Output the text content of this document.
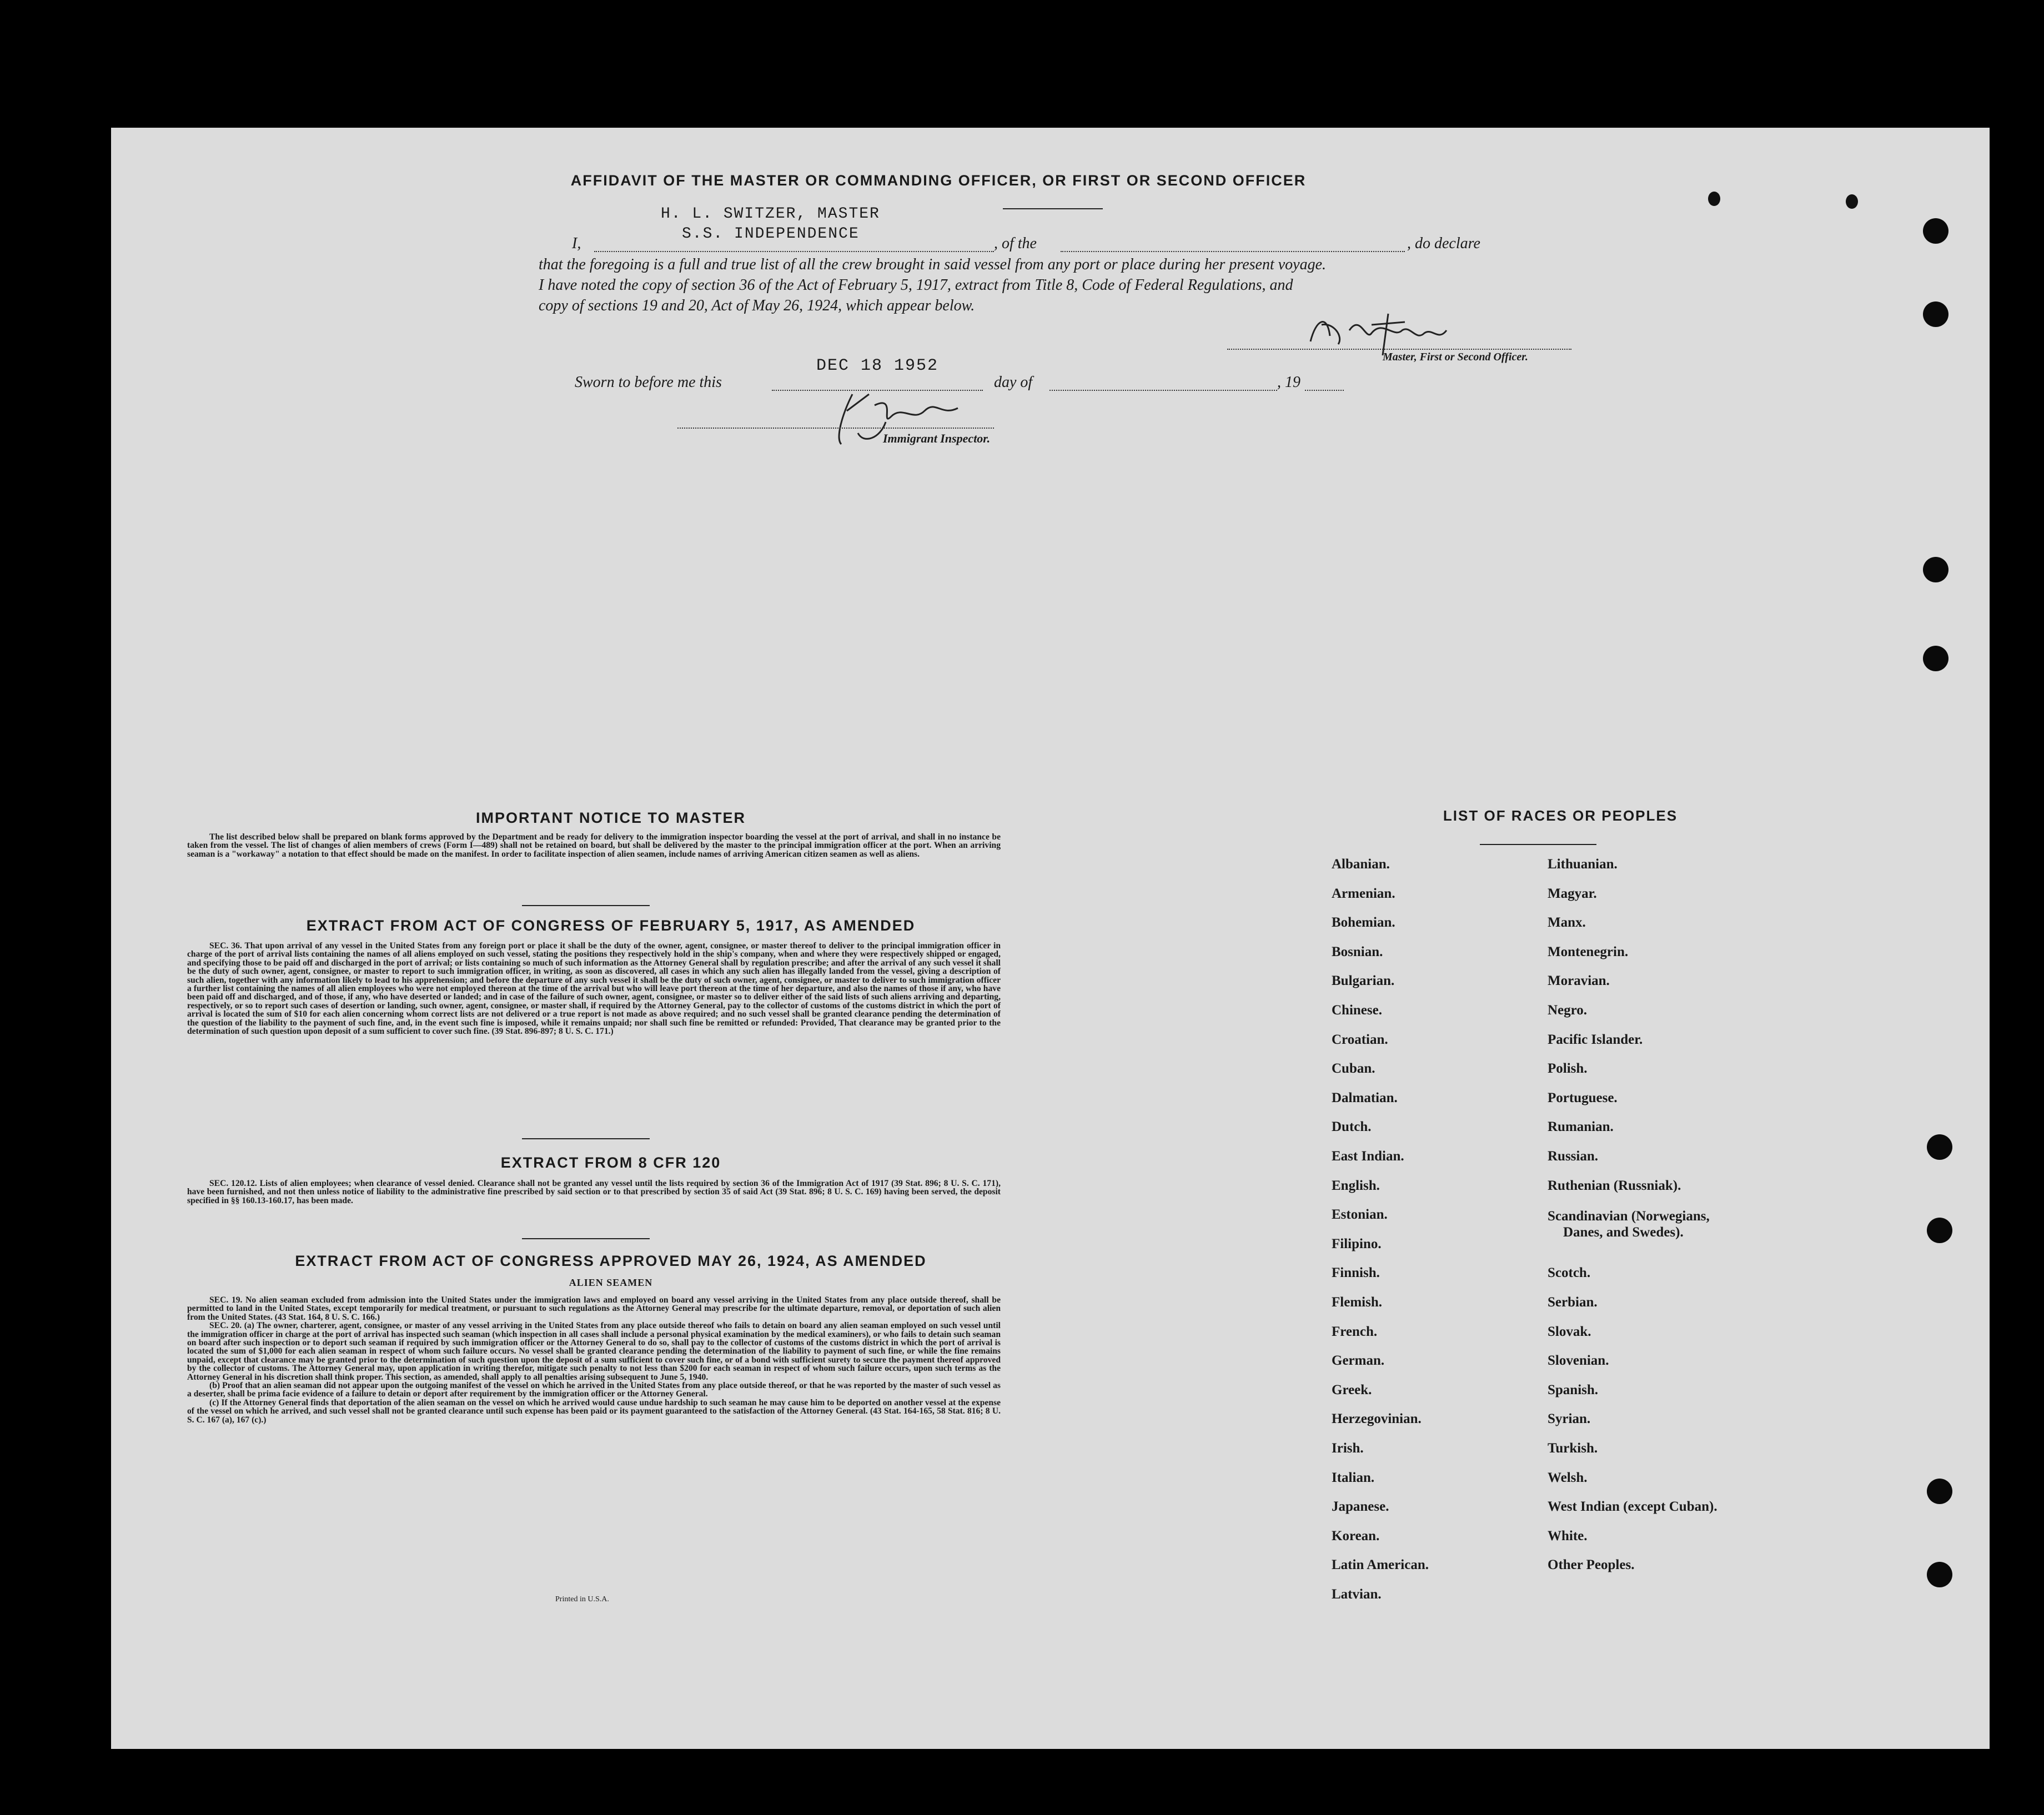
AFFIDAVIT OF THE MASTER OR COMMANDING OFFICER, OR FIRST OR SECOND OFFICER
H. L. SWITZER, MASTER
S.S. INDEPENDENCE
I,	, of the	, do declare
that the foregoing is a full and true list of all the crew brought in said vessel from any port or place during her present voyage.
I have noted the copy of section 36 of the Act of February 5, 1917, extract from Title 8, Code of Federal Regulations, and
copy of sections 19 and 20, Act of May 26, 1924, which appear below.
Master, First or Second Officer.
Sworn to before me this
DEC 18 1952
day of	, 19
Immigrant Inspector.
IMPORTANT NOTICE TO MASTER

The list described below shall be prepared on blank forms approved by the Department and be ready for delivery to the immigration inspector boarding the vessel at the port of arrival, and shall in no instance be taken from the vessel. The list of changes of alien members of crews (Form I—489) shall not be retained on board, but shall be delivered by the master to the principal immigration officer at the port. When an arriving seaman is a "workaway" a notation to that effect should be made on the manifest. In order to facilitate inspection of alien seamen, include names of arriving American citizen seamen as well as aliens.

EXTRACT FROM ACT OF CONGRESS OF FEBRUARY 5, 1917, AS AMENDED

SEC. 36. That upon arrival of any vessel in the United States from any foreign port or place it shall be the duty of the owner, agent, consignee, or master thereof to deliver to the principal immigration officer in charge of the port of arrival lists containing the names of all aliens employed on such vessel, stating the positions they respectively hold in the ship's company, when and where they were respectively shipped or engaged, and specifying those to be paid off and discharged in the port of arrival; or lists containing so much of such information as the Attorney General shall by regulation prescribe; and after the arrival of any such vessel it shall be the duty of such owner, agent, consignee, or master to report to such immigration officer, in writing, as soon as discovered, all cases in which any such alien has illegally landed from the vessel, giving a description of such alien, together with any information likely to lead to his apprehension; and before the departure of any such vessel it shall be the duty of such owner, agent, consignee, or master to deliver to such immigration officer a further list containing the names of all alien employees who were not employed thereon at the time of the arrival but who will leave port thereon at the time of her departure, and also the names of those if any, who have been paid off and discharged, and of those, if any, who have deserted or landed; and in case of the failure of such owner, agent, consignee, or master so to deliver either of the said lists of such aliens arriving and departing, respectively, or so to report such cases of desertion or landing, such owner, agent, consignee, or master shall, if required by the Attorney General, pay to the collector of customs of the customs district in which the port of arrival is located the sum of $10 for each alien concerning whom correct lists are not delivered or a true report is not made as above required; and no such vessel shall be granted clearance pending the determination of the question of the liability to the payment of such fine, and, in the event such fine is imposed, while it remains unpaid; nor shall such fine be remitted or refunded: Provided, That clearance may be granted prior to the determination of such question upon deposit of a sum sufficient to cover such fine. (39 Stat. 896-897; 8 U. S. C. 171.)

EXTRACT FROM 8 CFR 120

SEC. 120.12. Lists of alien employees; when clearance of vessel denied. Clearance shall not be granted any vessel until the lists required by section 36 of the Immigration Act of 1917 (39 Stat. 896; 8 U. S. C. 171), have been furnished, and not then unless notice of liability to the administrative fine prescribed by said section or to that prescribed by section 35 of said Act (39 Stat. 896; 8 U. S. C. 169) having been served, the deposit specified in §§ 160.13-160.17, has been made.

EXTRACT FROM ACT OF CONGRESS APPROVED MAY 26, 1924, AS AMENDED
ALIEN SEAMEN

SEC. 19. No alien seaman excluded from admission into the United States under the immigration laws and employed on board any vessel arriving in the United States from any place outside thereof, shall be permitted to land in the United States, except temporarily for medical treatment, or pursuant to such regulations as the Attorney General may prescribe for the ultimate departure, removal, or deportation of such alien from the United States. (43 Stat. 164, 8 U. S. C. 166.)

SEC. 20. (a) The owner, charterer, agent, consignee, or master of any vessel arriving in the United States from any place outside thereof who fails to detain on board any alien seaman employed on such vessel until the immigration officer in charge at the port of arrival has inspected such seaman (which inspection in all cases shall include a personal physical examination by the medical examiners), or who fails to detain such seaman on board after such inspection or to deport such seaman if required by such immigration officer or the Attorney General to do so, shall pay to the collector of customs of the customs district in which the port of arrival is located the sum of $1,000 for each alien seaman in respect of whom such failure occurs. No vessel shall be granted clearance pending the determination of the liability to payment of such fine, or while the fine remains unpaid, except that clearance may be granted prior to the determination of such question upon the deposit of a sum sufficient to cover such fine, or of a bond with sufficient surety to secure the payment thereof approved by the collector of customs. The Attorney General may, upon application in writing therefor, mitigate such penalty to not less than $200 for each seaman in respect of whom such failure occurs, upon such terms as the Attorney General in his discretion shall think proper. This section, as amended, shall apply to all penalties arising subsequent to June 5, 1940.

(b) Proof that an alien seaman did not appear upon the outgoing manifest of the vessel on which he arrived in the United States from any place outside thereof, or that he was reported by the master of such vessel as a deserter, shall be prima facie evidence of a failure to detain or deport after requirement by the immigration officer or the Attorney General.

(c) If the Attorney General finds that deportation of the alien seaman on the vessel on which he arrived would cause undue hardship to such seaman he may cause him to be deported on another vessel at the expense of the vessel on which he arrived, and such vessel shall not be granted clearance until such expense has been paid or its payment guaranteed to the satisfaction of the Attorney General. (43 Stat. 164-165, 58 Stat. 816; 8 U. S. C. 167 (a), 167 (c).)

Printed in U.S.A.
LIST OF RACES OR PEOPLES
Albanian.
Armenian.
Bohemian.
Bosnian.
Bulgarian.
Chinese.
Croatian.
Cuban.
Dalmatian.
Dutch.
East Indian.
English.
Estonian.
Filipino.
Finnish.
Flemish.
French.
German.
Greek.
Herzegovinian.
Irish.
Italian.
Japanese.
Korean.
Latin American.
Latvian.
Lithuanian.
Magyar.
Manx.
Montenegrin.
Moravian.
Negro.
Pacific Islander.
Polish.
Portuguese.
Rumanian.
Russian.
Ruthenian (Russniak).
Scandinavian (Norwegians,
Danes, and Swedes).
Scotch.
Serbian.
Slovak.
Slovenian.
Spanish.
Syrian.
Turkish.
Welsh.
West Indian (except Cuban).
White.
Other Peoples.
